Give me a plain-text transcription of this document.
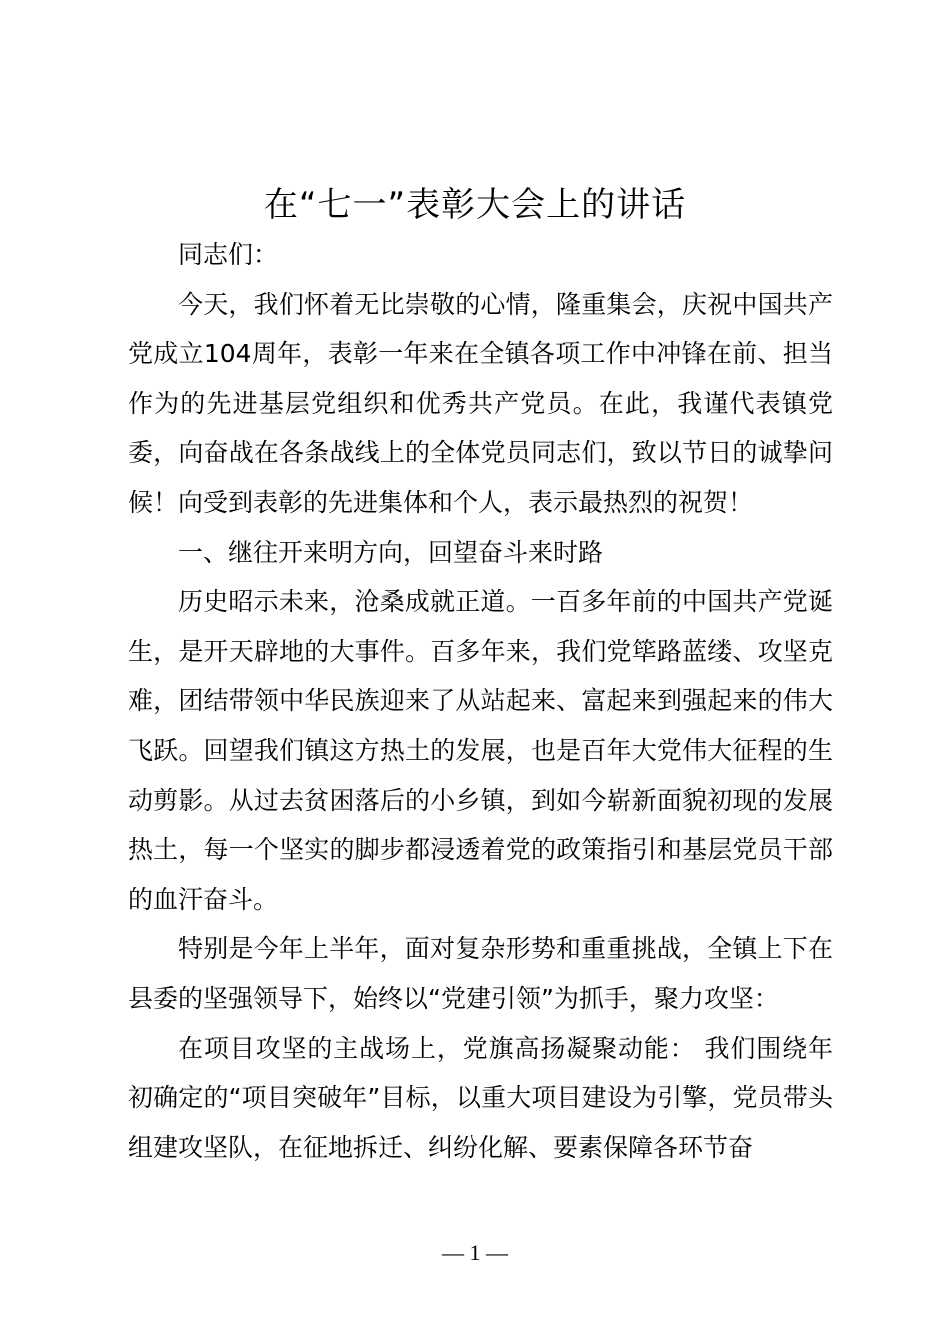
在“七一”表彰大会上的讲话

同志们：

今天，我们怀着无比崇敬的心情，隆重集会，庆祝中国共产党成立104周年，表彰一年来在全镇各项工作中冲锋在前、担当作为的先进基层党组织和优秀共产党员。在此，我谨代表镇党委，向奋战在各条战线上的全体党员同志们，致以节日的诚挚问候！向受到表彰的先进集体和个人，表示最热烈的祝贺！

一、继往开来明方向，回望奋斗来时路

历史昭示未来，沧桑成就正道。一百多年前的中国共产党诞生，是开天辟地的大事件。百多年来，我们党筚路蓝缕、攻坚克难，团结带领中华民族迎来了从站起来、富起来到强起来的伟大飞跃。回望我们镇这方热土的发展，也是百年大党伟大征程的生动剪影。从过去贫困落后的小乡镇，到如今崭新面貌初现的发展热土，每一个坚实的脚步都浸透着党的政策指引和基层党员干部的血汗奋斗。

特别是今年上半年，面对复杂形势和重重挑战，全镇上下在县委的坚强领导下，始终以“党建引领”为抓手，聚力攻坚：

在项目攻坚的主战场上，党旗高扬凝聚动能： 我们围绕年初确定的“项目突破年”目标，以重大项目建设为引擎，党员带头组建攻坚队，在征地拆迁、纠纷化解、要素保障各环节奋

— 1 —
